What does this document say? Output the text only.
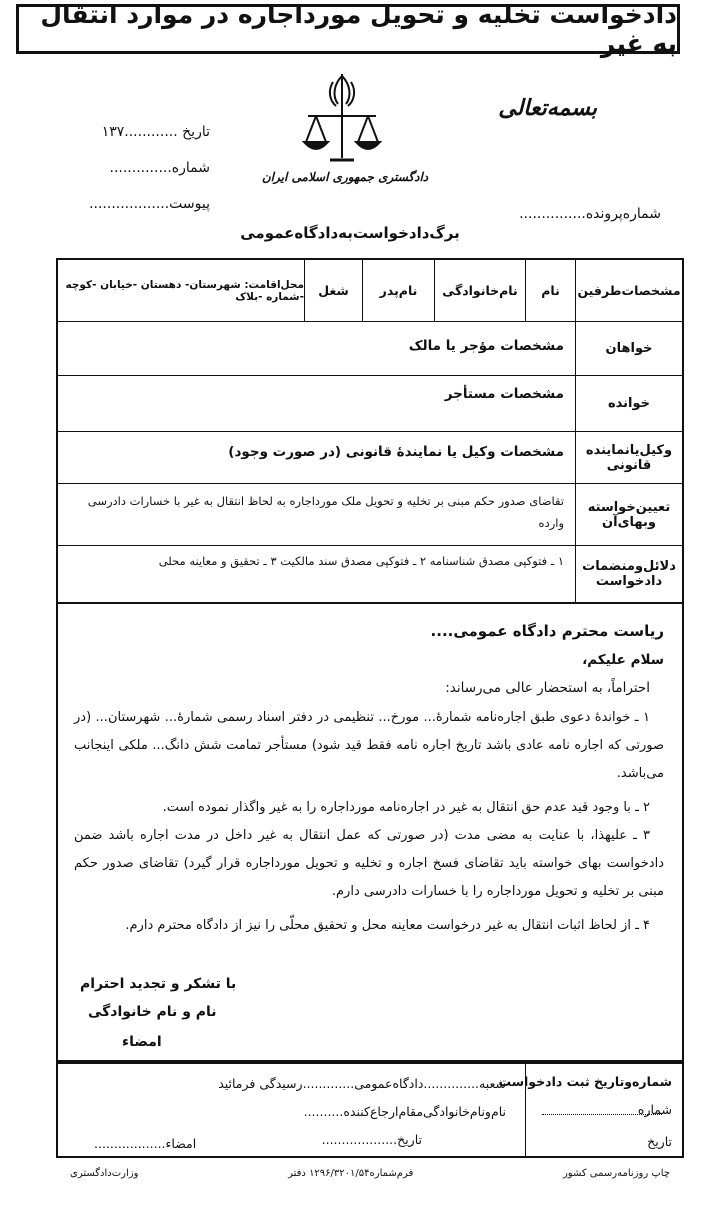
دادخواست تخلیه و تحویل مورداجاره در موارد انتقال به غیر
تاریخ ............۱۳۷
شماره..............
پیوست..................
دادگستری جمهوری اسلامی ایران
بسمه‌تعالی
شماره‌پرونده...............
برگ‌دادخواست‌به‌دادگاه‌عمومی
مشخصات‌طرفین
نام
نام‌خانوادگی
نام‌پدر
شغل
محل‌اقامت: شهرستان- دهستان -خیابان -کوچه -شماره -بلاک
خواهان
مشخصات مؤجر یا مالک
خوانده
مشخصات مستأجر
وکیل‌یانماینده قانونی
مشخصات وکیل یا نمایندهٔ قانونی (در صورت وجود)
تعیین‌خواسته وبهای‌آن
تقاضای صدور حکم مبنی بر تخلیه و تحویل ملک مورداجاره به لحاظ انتقال به غیر با خسارات دادرسی وارده
دلائل‌ومنضمات دادخواست
۱ ـ فتوکپی مصدق شناسنامه ۲ ـ فتوکپی مصدق سند مالکیت ۳ ـ تحقیق و معاینه محلی
ریاست محترم دادگاه عمومی....
سلام علیکم،
احتراماً، به استحضار عالی می‌رساند:
۱ ـ خواندهٔ دعوی طبق اجاره‌نامه شمارهٔ... مورخ... تنظیمی در دفتر اسناد رسمی شمارهٔ... شهرستان... (در صورتی که اجاره نامه عادی باشد تاریخ اجاره نامه فقط قید شود) مستأجر تمامت شش دانگ... ملکی اینجانب می‌باشد.
۲ ـ با وجود قید عدم حق انتقال به غیر در اجاره‌نامه مورداجاره را به غیر واگذار نموده است.
۳ ـ علیهذا، با عنایت به مضی مدت (در صورتی که عمل انتقال به غیر داخل در مدت اجاره باشد ضمن دادخواست بهای خواسته باید تقاضای فسخ اجاره و تخلیه و تحویل مورداجاره قرار گیرد) تقاضای صدور حکم مبنی بر تخلیه و تحویل مورداجاره را با خسارات دادرسی دارم.
۴ ـ از لحاظ اثبات انتقال به غیر درخواست معاینه محل و تحقیق محلّی را نیز از دادگاه محترم دارم.
با تشکر و تجدید احترام
نام و نام خانوادگی
امضاء
شماره‌وتاریخ ثبت دادخواست
شماره
تاریخ
شعبه..............دادگاه‌عمومی.............رسیدگی فرمائید
نام‌ونام‌خانوادگی‌مقام‌ارجاع‌کننده..........
تاریخ...................
امضاء..................
چاپ روزنامه‌رسمی کشور
فرم‌شماره۱۲۹۶/۳۲۰۱/۵۴ دفتر
وزارت‌دادگستری
